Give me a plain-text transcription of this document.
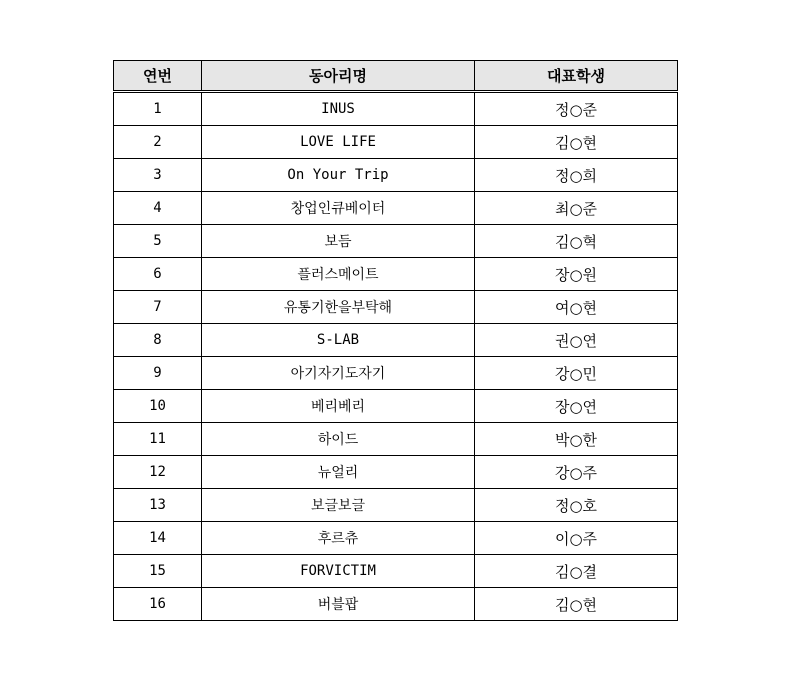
연번	동아리명	대표학생
1	INUS	정○준
2	LOVE LIFE	김○현
3	On Your Trip	정○희
4	창업인큐베이터	최○준
5	보듬	김○혁
6	플러스메이트	장○원
7	유통기한을부탁해	여○현
8	S-LAB	권○연
9	아기자기도자기	강○민
10	베리베리	장○연
11	하이드	박○한
12	뉴얼리	강○주
13	보글보글	정○호
14	후르츄	이○주
15	FORVICTIM	김○결
16	버블팝	김○현
